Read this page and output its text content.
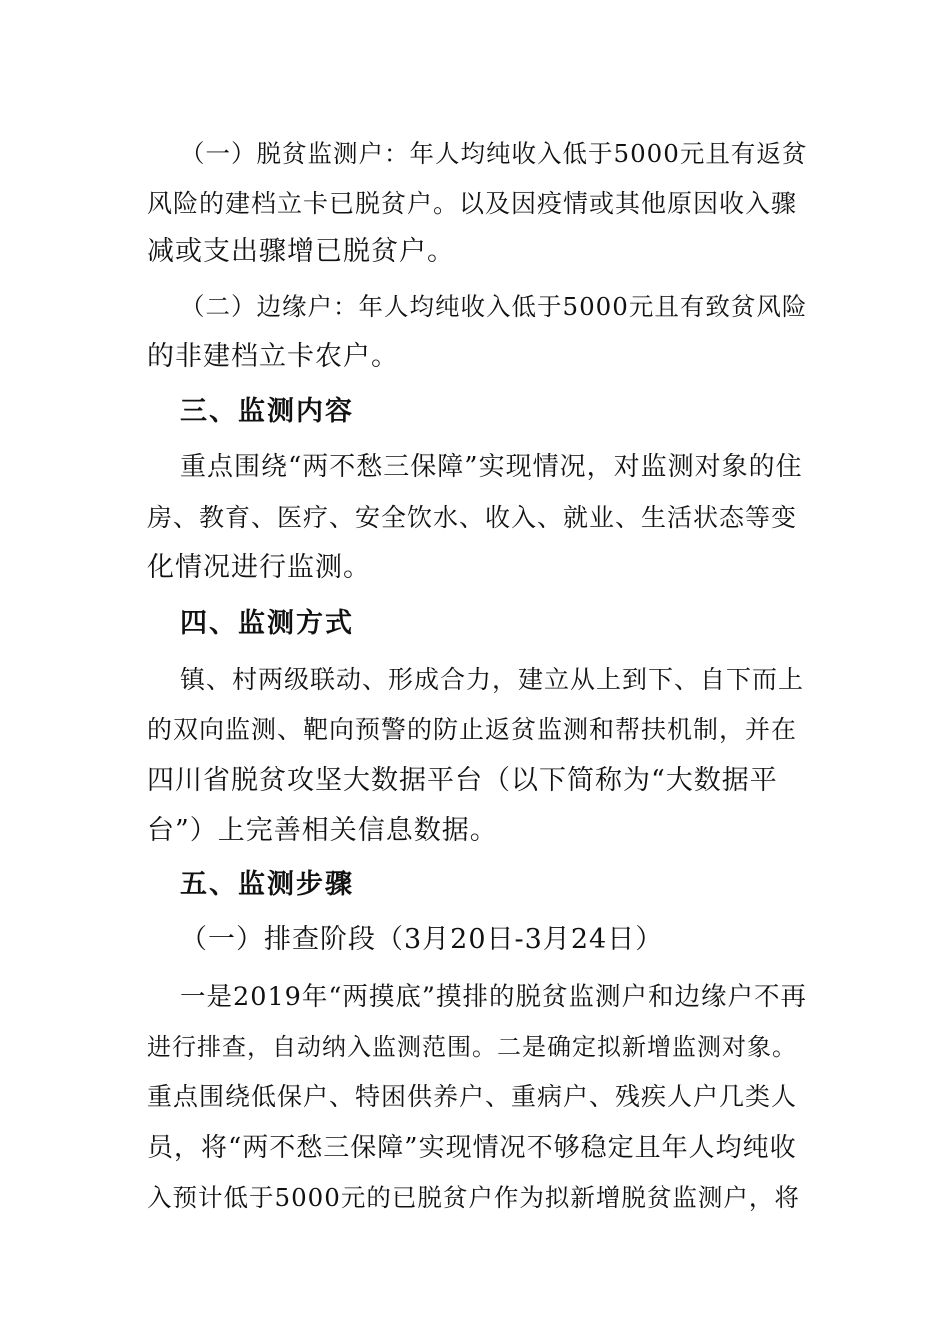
（一）脱贫监测户：年人均纯收入低于5000元且有返贫
风险的建档立卡已脱贫户。以及因疫情或其他原因收入骤
减或支出骤增已脱贫户。
（二）边缘户：年人均纯收入低于5000元且有致贫风险
的非建档立卡农户。
三、监测内容
重点围绕“两不愁三保障”实现情况，对监测对象的住
房、教育、医疗、安全饮水、收入、就业、生活状态等变
化情况进行监测。
四、监测方式
镇、村两级联动、形成合力，建立从上到下、自下而上
的双向监测、靶向预警的防止返贫监测和帮扶机制，并在
四川省脱贫攻坚大数据平台（以下简称为“大数据平
台”）上完善相关信息数据。
五、监测步骤
（一）排查阶段（3月20日-3月24日）
一是2019年“两摸底”摸排的脱贫监测户和边缘户不再
进行排查，自动纳入监测范围。二是确定拟新增监测对象。
重点围绕低保户、特困供养户、重病户、残疾人户几类人
员，将“两不愁三保障”实现情况不够稳定且年人均纯收
入预计低于5000元的已脱贫户作为拟新增脱贫监测户，将
